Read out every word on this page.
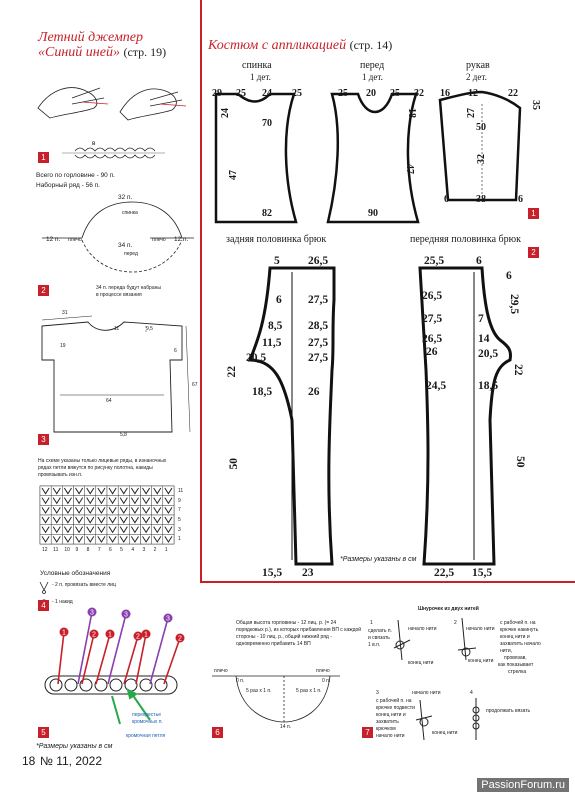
Летний джемпер
«Синий иней» (стр. 19)	Костюм с аппликацией (стр. 14)
3	3
3
2	2	2
1	1
1
1
2
3
4
5	6	7
1
2
в
Всего по горловине - 90 п.
Наборный ряд - 56 п.
32 п.
спинка
12 п. плечо
34 п.
перед
плечо 12 п.
34 п. переда будут набраны
в процессе вязания
31
11	9,5
19
67
64
6
5,8
На схеме указаны только лицевые ряды, в изнаночных
рядах петли вяжутся по рисунку полотна, накиды
провязывать изн.п.
11
9
7
5
3
1
12 11 10 9 8 7 6 5 4 3 2 1
Условные обозначения
- 2 п. провязать вместе лиц
- 1 накид
перекрестье
кромочных п.
кромочная петля
*Размеры указаны в см
Общая высота горловины - 12 лиц. р. (= 24
порядковых р.), из которых прибавления ВП с каждой
стороны - 10 лиц. р., общий нижний ряд -
одновременно прибавить 14 ВП
плечо	плечо
0 п.	0 п.
5 раз х 1 п.	5 раз х 1 п.
14 п.
Шнурочек из двух нитей
1
сделать п.
и связать
1 в.п.
начало нити
конец нити
2
начало нити
конец нити
с рабочей п. на
крючке накинуть
конец нити и
захватить начало
нити,
провязав,
как показывает
стрелка
3	начало нити
с рабочей п. на
крючке подвести
конец нити и
захватить
крючком
начало нити	конец нити
4
продолжать вязать
спинка
1 дет.
перед
1 дет.
рукав
2 дет.
29 25 24 25
70
24
47
82
25 20 25 32
18
47
90
16 12	22
35
27
50
32
6	38	6
задняя половинка брюк
5 26,5
6 27,5
8,5 28,5
11,5 27,5
20,5	27,5
22
18,5	26
50
15,5 23
*Размеры указаны в см
передняя половинка брюк
25,5	6
6
26,5	29,5
27,5	7
26,5	14
26	20,5
22
24,5	18,5
50
22,5 15,5
18 № 11, 2022
PassionForum.ru
